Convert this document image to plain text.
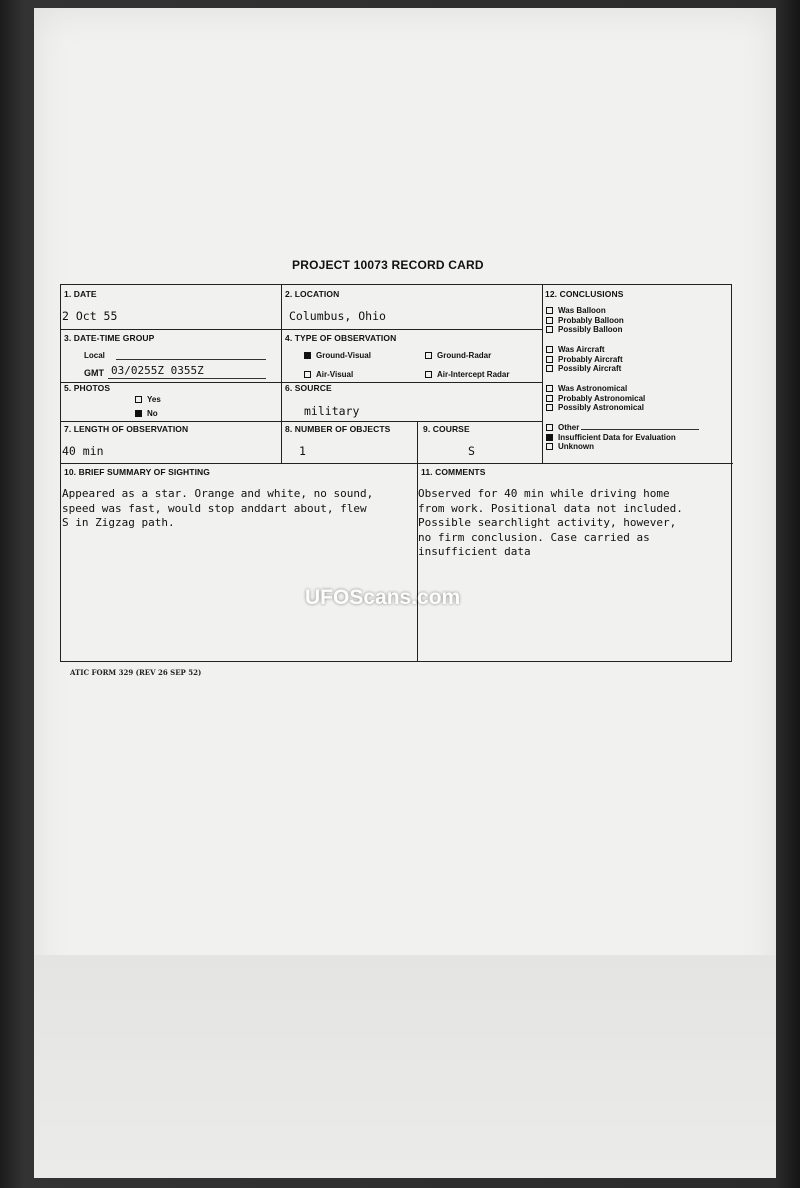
PROJECT 10073 RECORD CARD
1. DATE
2 Oct 55
2. LOCATION
Columbus, Ohio
3. DATE-TIME GROUP
Local
GMT 03/0255Z 0355Z
4. TYPE OF OBSERVATION
Ground-Visual	Ground-Radar
Air-Visual	Air-Intercept Radar
5. PHOTOS
Yes
No
6. SOURCE
military
7. LENGTH OF OBSERVATION
40 min
8. NUMBER OF OBJECTS
1
9. COURSE
S
12. CONCLUSIONS
Was Balloon
Probably Balloon
Possibly Balloon
Was Aircraft
Probably Aircraft
Possibly Aircraft
Was Astronomical
Probably Astronomical
Possibly Astronomical
Other
Insufficient Data for Evaluation
Unknown
10. BRIEF SUMMARY OF SIGHTING
Appeared as a star. Orange and white, no sound,
speed was fast, would stop anddart about, flew
S in Zigzag path.
11. COMMENTS
Observed for 40 min while driving home
from work. Positional data not included.
Possible searchlight activity, however,
no firm conclusion. Case carried as
insufficient data
UFOScans.com
ATIC FORM 329 (REV 26 SEP 52)
